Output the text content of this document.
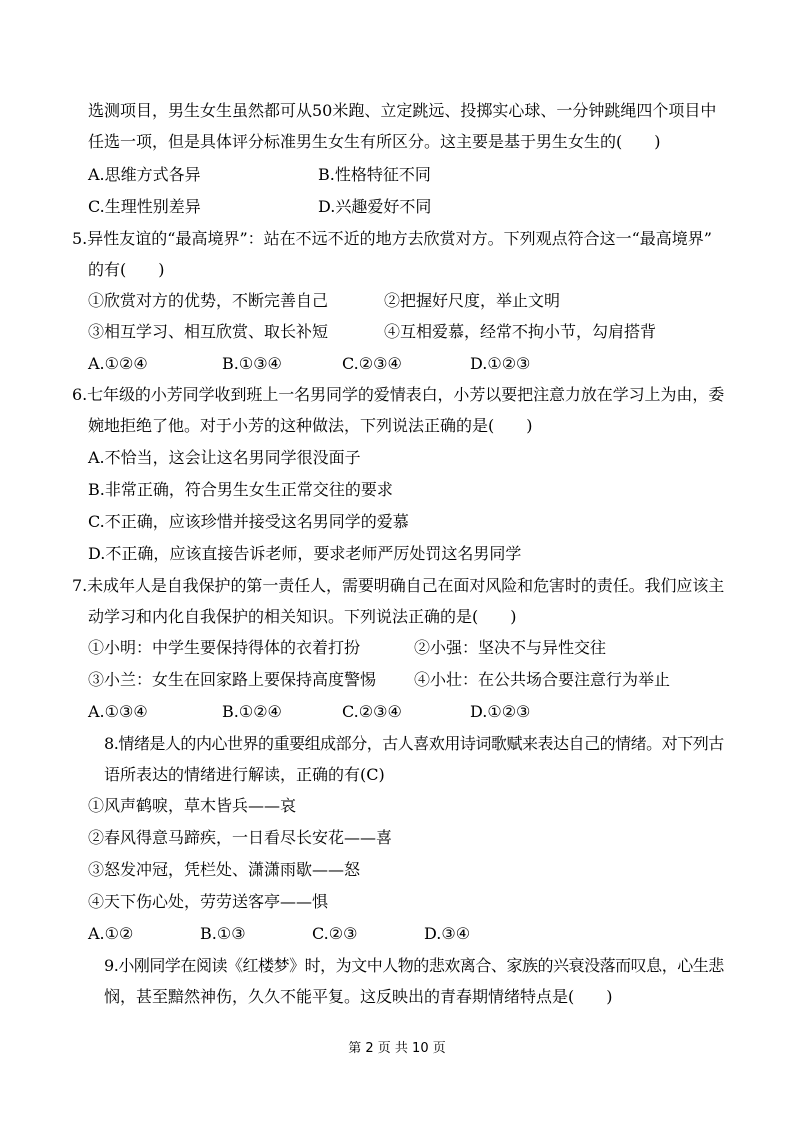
选测项目，男生女生虽然都可从50米跑、立定跳远、投掷实心球、一分钟跳绳四个项目中
任选一项，但是具体评分标准男生女生有所区分。这主要是基于男生女生的(　　)
A.思维方式各异	B.性格特征不同
C.生理性别差异	D.兴趣爱好不同
5.异性友谊的“最高境界”：站在不远不近的地方去欣赏对方。下列观点符合这一“最高境界”
的有(　　)
①欣赏对方的优势，不断完善自己	②把握好尺度，举止文明
③相互学习、相互欣赏、取长补短	④互相爱慕，经常不拘小节，勾肩搭背
A.①②④	B.①③④	C.②③④	D.①②③
6.七年级的小芳同学收到班上一名男同学的爱情表白，小芳以要把注意力放在学习上为由，委
婉地拒绝了他。对于小芳的这种做法，下列说法正确的是(　　)
A.不恰当，这会让这名男同学很没面子
B.非常正确，符合男生女生正常交往的要求
C.不正确，应该珍惜并接受这名男同学的爱慕
D.不正确，应该直接告诉老师，要求老师严厉处罚这名男同学
7.未成年人是自我保护的第一责任人，需要明确自己在面对风险和危害时的责任。我们应该主
动学习和内化自我保护的相关知识。下列说法正确的是(　　)
①小明：中学生要保持得体的衣着打扮	②小强：坚决不与异性交往
③小兰：女生在回家路上要保持高度警惕 ④小壮：在公共场合要注意行为举止
A.①③④	B.①②④	C.②③④	D.①②③
8.情绪是人的内心世界的重要组成部分，古人喜欢用诗词歌赋来表达自己的情绪。对下列古
语所表达的情绪进行解读，正确的有(C)
①风声鹤唳，草木皆兵——哀
②春风得意马蹄疾，一日看尽长安花——喜
③怒发冲冠，凭栏处、潇潇雨歇——怒
④天下伤心处，劳劳送客亭——惧
A.①②	B.①③	C.②③	D.③④
9.小刚同学在阅读《红楼梦》时，为文中人物的悲欢离合、家族的兴衰没落而叹息，心生悲
悯，甚至黯然神伤，久久不能平复。这反映出的青春期情绪特点是(　　)
第 2 页 共 10 页
